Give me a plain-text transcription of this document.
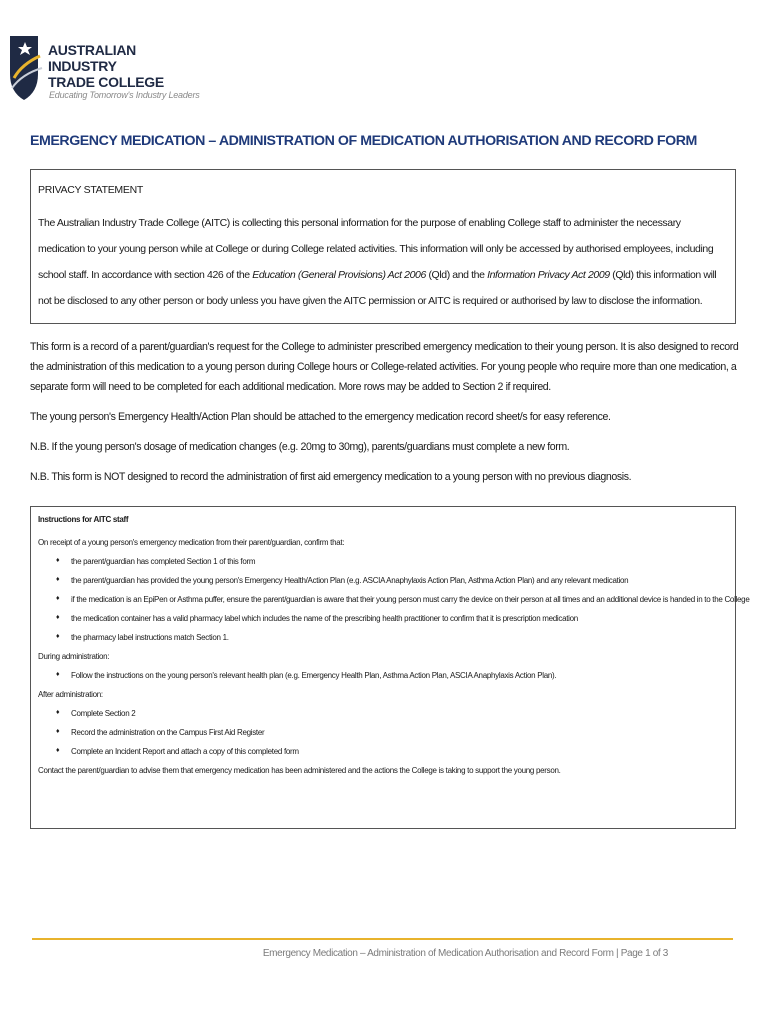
AUSTRALIAN INDUSTRY
TRADE COLLEGE
Educating Tomorrow's Industry Leaders
EMERGENCY MEDICATION – ADMINISTRATION OF MEDICATION AUTHORISATION AND RECORD FORM
PRIVACY STATEMENT
The Australian Industry Trade College (AITC) is collecting this personal information for the purpose of enabling College staff to administer the necessary medication to your young person while at College or during College related activities. This information will only be accessed by authorised employees, including school staff. In accordance with section 426 of the Education (General Provisions) Act 2006 (Qld) and the Information Privacy Act 2009 (Qld) this information will not be disclosed to any other person or body unless you have given the AITC permission or AITC is required or authorised by law to disclose the information.

This form is a record of a parent/guardian's request for the College to administer prescribed emergency medication to their young person. It is also designed to record the administration of this medication to a young person during College hours or College-related activities. For young people who require more than one medication, a separate form will need to be completed for each additional medication. More rows may be added to Section 2 if required.

The young person's Emergency Health/Action Plan should be attached to the emergency medication record sheet/s for easy reference.

N.B. If the young person's dosage of medication changes (e.g. 20mg to 30mg), parents/guardians must complete a new form.

N.B. This form is NOT designed to record the administration of first aid emergency medication to a young person with no previous diagnosis.

Instructions for AITC staff
On receipt of a young person's emergency medication from their parent/guardian, confirm that:
♦ the parent/guardian has completed Section 1 of this form
♦ the parent/guardian has provided the young person's Emergency Health/Action Plan (e.g. ASCIA Anaphylaxis Action Plan, Asthma Action Plan) and any relevant medication
♦ if the medication is an EpiPen or Asthma puffer, ensure the parent/guardian is aware that their young person must carry the device on their person at all times and an additional device is handed in to the College
♦ the medication container has a valid pharmacy label which includes the name of the prescribing health practitioner to confirm that it is prescription medication
♦ the pharmacy label instructions match Section 1.
During administration:
♦ Follow the instructions on the young person's relevant health plan (e.g. Emergency Health Plan, Asthma Action Plan, ASCIA Anaphylaxis Action Plan).
After administration:
♦ Complete Section 2
♦ Record the administration on the Campus First Aid Register
♦ Complete an Incident Report and attach a copy of this completed form
Contact the parent/guardian to advise them that emergency medication has been administered and the actions the College is taking to support the young person.
Emergency Medication – Administration of Medication Authorisation and Record Form | Page 1 of 3
